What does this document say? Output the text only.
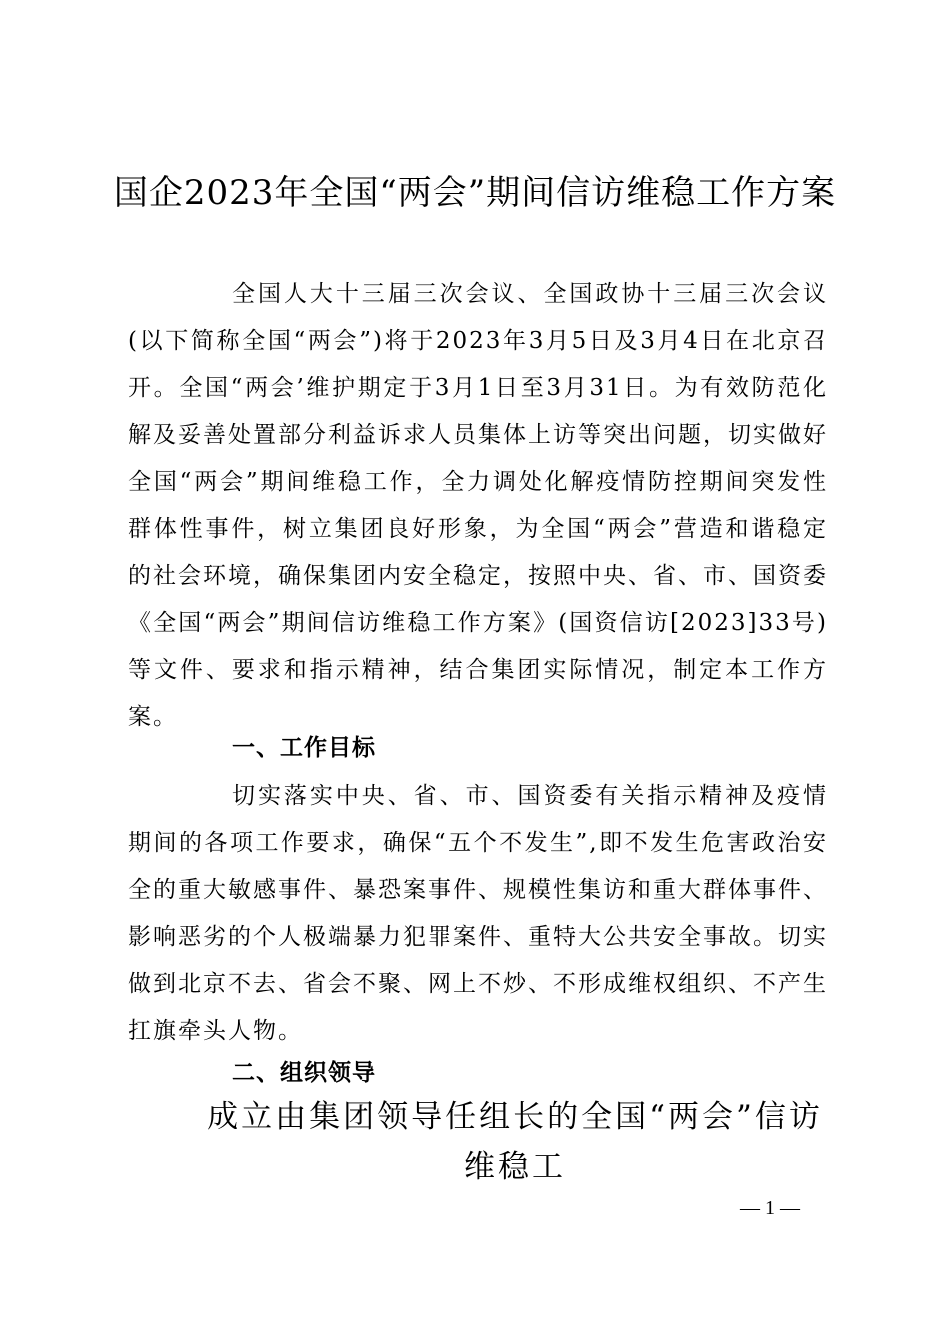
国企2023年全国“两会”期间信访维稳工作方案

全国人大十三届三次会议、全国政协十三届三次会议(以下简称全国“两会”)将于2023年3月5日及3月4日在北京召开。全国“两会’维护期定于3月1日至3月31日。为有效防范化解及妥善处置部分利益诉求人员集体上访等突出问题，切实做好全国“两会”期间维稳工作，全力调处化解疫情防控期间突发性群体性事件，树立集团良好形象，为全国“两会”营造和谐稳定的社会环境，确保集团内安全稳定，按照中央、省、市、国资委《全国“两会”期间信访维稳工作方案》(国资信访[2023]33号)等文件、要求和指示精神，结合集团实际情况，制定本工作方案。

一、工作目标

切实落实中央、省、市、国资委有关指示精神及疫情期间的各项工作要求，确保“五个不发生”,即不发生危害政治安全的重大敏感事件、暴恐案事件、规模性集访和重大群体事件、影响恶劣的个人极端暴力犯罪案件、重特大公共安全事故。切实做到北京不去、省会不聚、网上不炒、不形成维权组织、不产生扛旗牵头人物。

二、组织领导
成立由集团领导任组长的全国“两会”信访维稳工
— 1 —
